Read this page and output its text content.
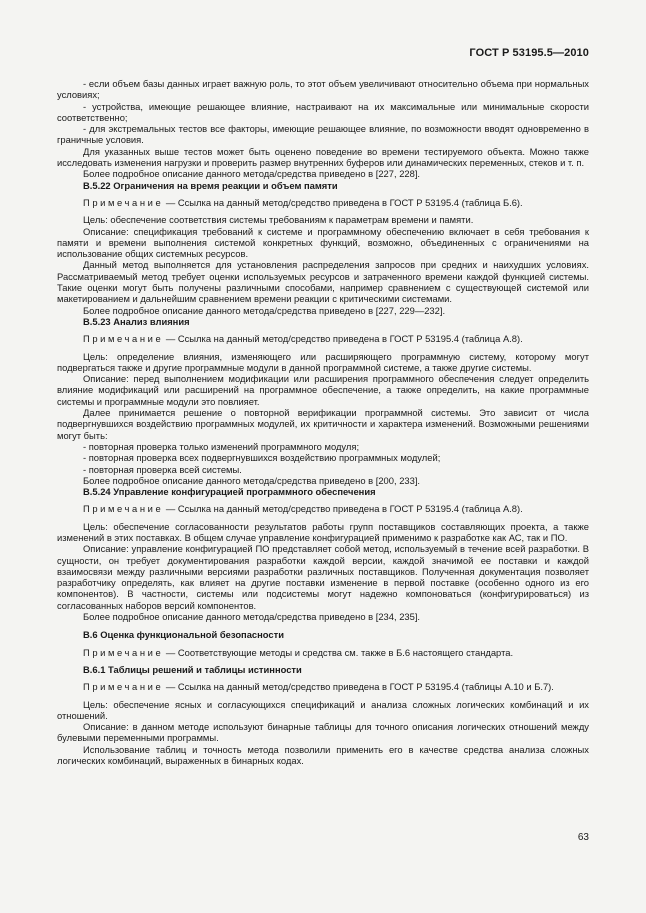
ГОСТ Р 53195.5—2010

- если объем базы данных играет важную роль, то этот объем увеличивают относительно объема при нормальных условиях;

- устройства, имеющие решающее влияние, настраивают на их максимальные или минимальные скорости соответственно;

- для экстремальных тестов все факторы, имеющие решающее влияние, по возможности вводят одновременно в граничные условия.

Для указанных выше тестов может быть оценено поведение во времени тестируемого объекта. Можно также исследовать изменения нагрузки и проверить размер внутренних буферов или динамических переменных, стеков и т. п.

Более подробное описание данного метода/средства приведено в [227, 228].

В.5.22 Ограничения на время реакции и объем памяти

Примечание — Ссылка на данный метод/средство приведена в ГОСТ Р 53195.4 (таблица Б.6).

Цель: обеспечение соответствия системы требованиям к параметрам времени и памяти.

Описание: спецификация требований к системе и программному обеспечению включает в себя требования к памяти и времени выполнения системой конкретных функций, возможно, объединенных с ограничениями на использование общих системных ресурсов.

Данный метод выполняется для установления распределения запросов при средних и наихудших условиях. Рассматриваемый метод требует оценки используемых ресурсов и затраченного времени каждой функцией системы. Такие оценки могут быть получены различными способами, например сравнением с существующей системой или макетированием и дальнейшим сравнением времени реакции с критическими системами.

Более подробное описание данного метода/средства приведено в [227, 229—232].

В.5.23 Анализ влияния

Примечание — Ссылка на данный метод/средство приведена в ГОСТ Р 53195.4 (таблица А.8).

Цель: определение влияния, изменяющего или расширяющего программную систему, которому могут подвергаться также и другие программные модули в данной программной системе, а также другие системы.

Описание: перед выполнением модификации или расширения программного обеспечения следует определить влияние модификаций или расширений на программное обеспечение, а также определить, на какие программные системы и программные модули это повлияет.

Далее принимается решение о повторной верификации программной системы. Это зависит от числа подвергнувшихся воздействию программных модулей, их критичности и характера изменений. Возможными решениями могут быть:

- повторная проверка только изменений программного модуля;

- повторная проверка всех подвергнувшихся воздействию программных модулей;

- повторная проверка всей системы.

Более подробное описание данного метода/средства приведено в [200, 233].

В.5.24 Управление конфигурацией программного обеспечения

Примечание — Ссылка на данный метод/средство приведена в ГОСТ Р 53195.4 (таблица А.8).

Цель: обеспечение согласованности результатов работы групп поставщиков составляющих проекта, а также изменений в этих поставках. В общем случае управление конфигурацией применимо к разработке как АС, так и ПО.

Описание: управление конфигурацией ПО представляет собой метод, используемый в течение всей разработки. В сущности, он требует документирования разработки каждой версии, каждой значимой ее поставки и каждой взаимосвязи между различными версиями разработки различных поставщиков. Полученная документация позволяет разработчику определять, как влияет на другие поставки изменение в первой поставке (особенно одного из его компонентов). В частности, системы или подсистемы могут надежно компоноваться (конфигурироваться) из согласованных наборов версий компонентов.

Более подробное описание данного метода/средства приведено в [234, 235].

В.6 Оценка функциональной безопасности

Примечание — Соответствующие методы и средства см. также в Б.6 настоящего стандарта.

В.6.1 Таблицы решений и таблицы истинности

Примечание — Ссылка на данный метод/средство приведена в ГОСТ Р 53195.4 (таблицы А.10 и Б.7).

Цель: обеспечение ясных и согласующихся спецификаций и анализа сложных логических комбинаций и их отношений.

Описание: в данном методе используют бинарные таблицы для точного описания логических отношений между булевыми переменными программы.

Использование таблиц и точность метода позволили применить его в качестве средства анализа сложных логических комбинаций, выраженных в бинарных кодах.

63
